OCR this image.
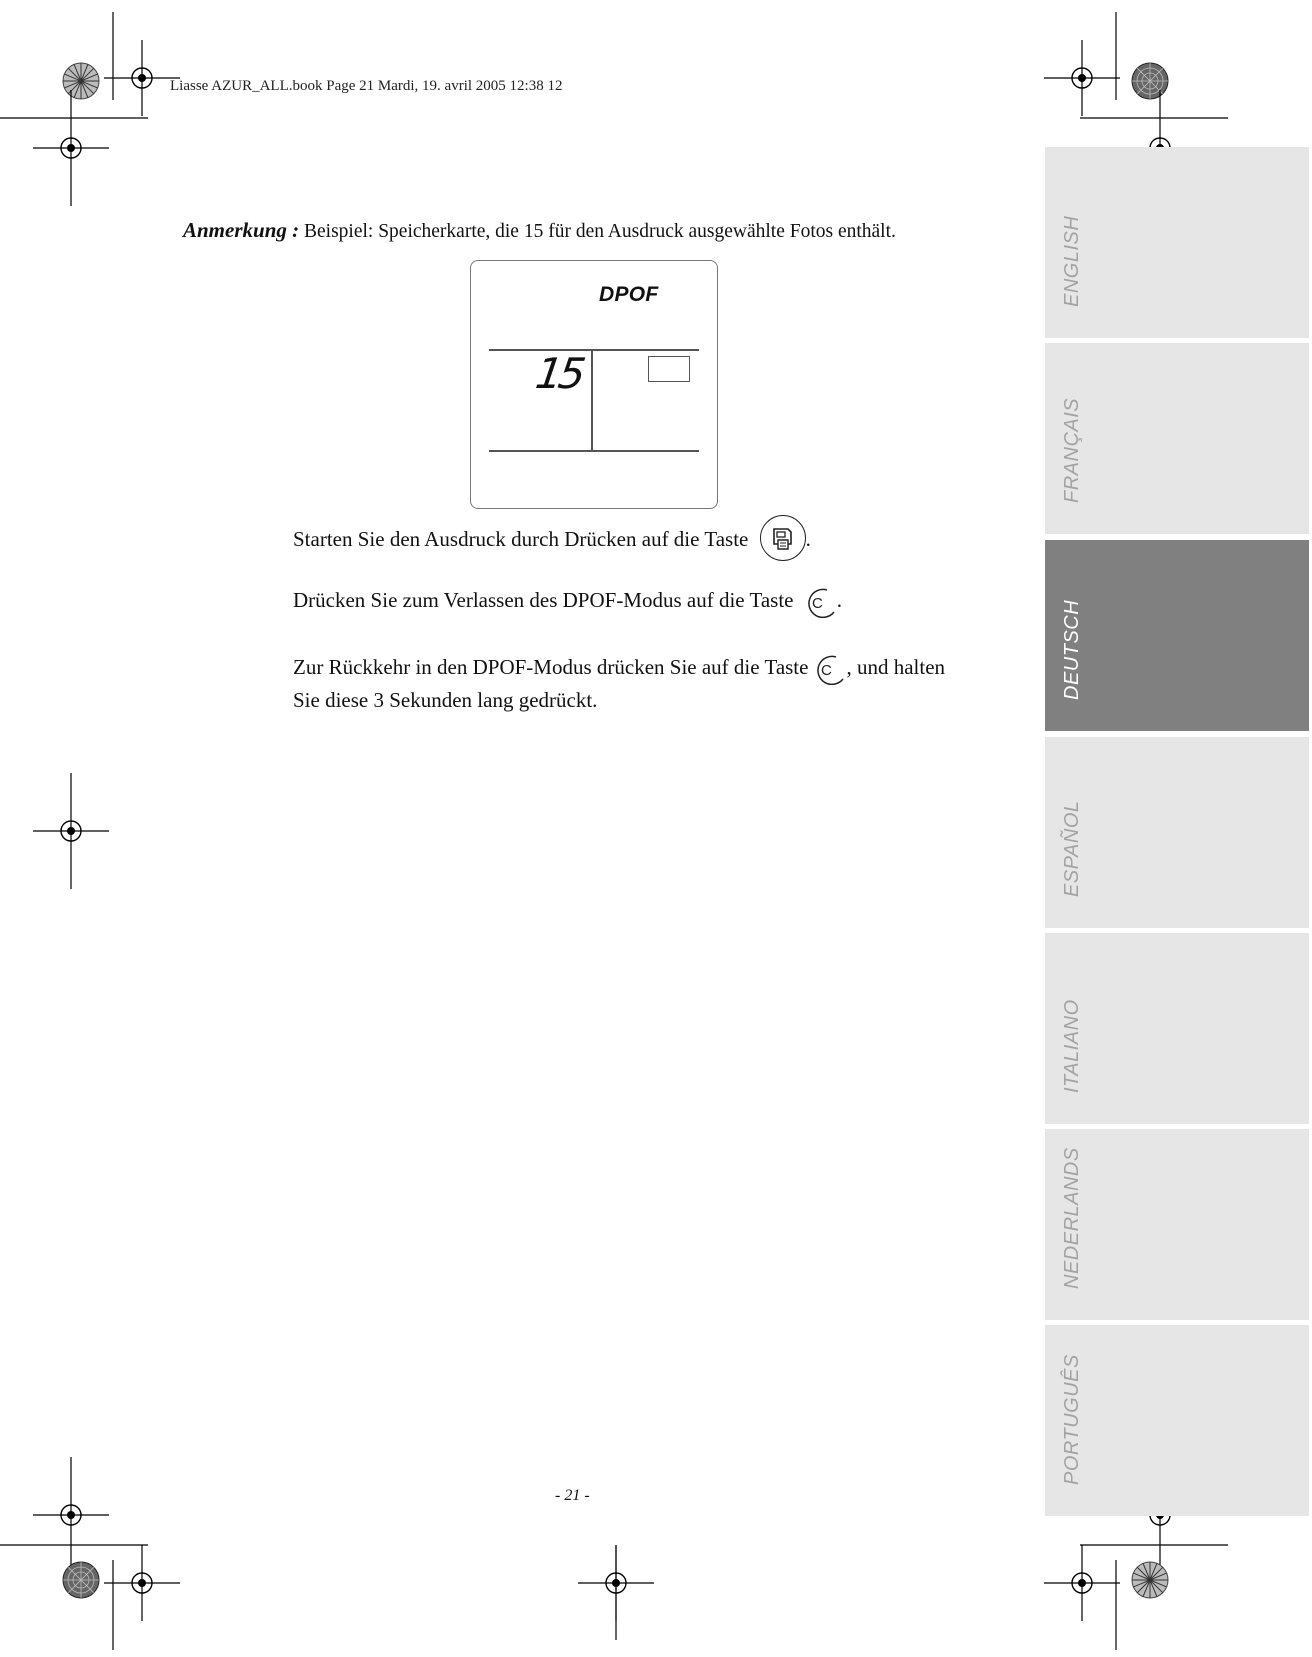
Liasse AZUR_ALL.book Page 21 Mardi, 19. avril 2005 12:38 12
ENGLISH
FRANÇAIS
DEUTSCH
ESPAÑOL
ITALIANO
NEDERLANDS
PORTUGUÊS
Anmerkung : Beispiel: Speicherkarte, die 15 für den Ausdruck ausgewählte Fotos enthält.
DPOF
15
Starten Sie den Ausdruck durch Drücken auf die Taste	.
Drücken Sie zum Verlassen des DPOF-Modus auf die Taste C .
Zur Rückkehr in den DPOF-Modus drücken Sie auf die Taste C , und halten
Sie diese 3 Sekunden lang gedrückt.
- 21 -
